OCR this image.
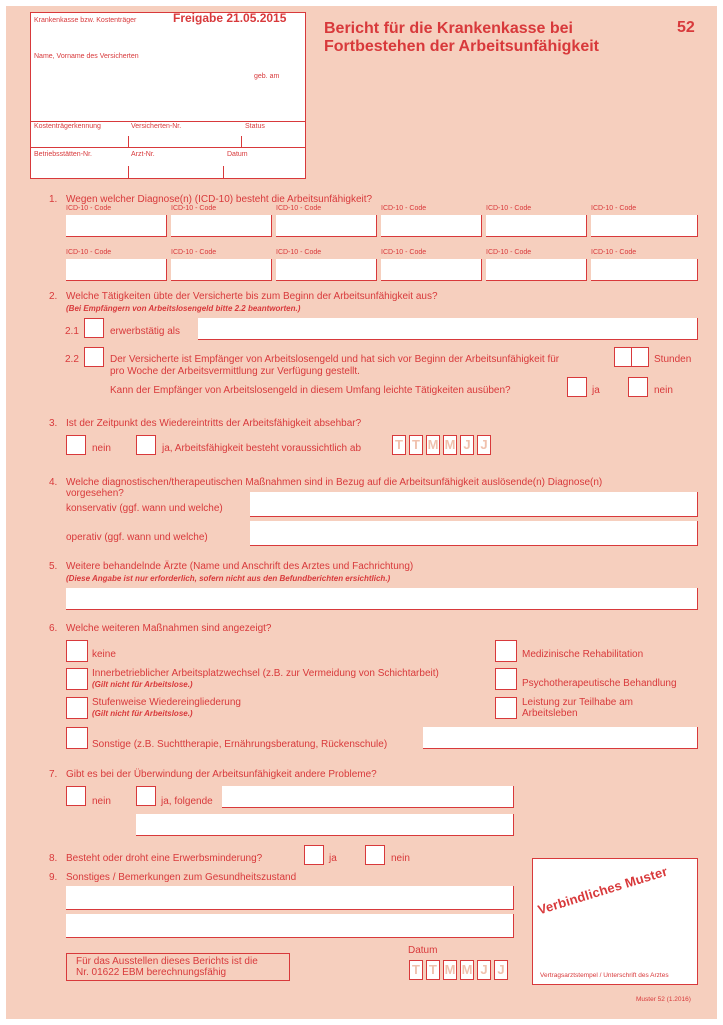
Krankenkasse bzw. Kostenträger	Freigabe 21.05.2015
Name, Vorname des Versicherten
geb. am
Kostenträgerkennung	Versicherten-Nr.	Status
Betriebsstätten-Nr.	Arzt-Nr.	Datum
Bericht für die Krankenkasse bei
Fortbestehen der Arbeitsunfähigkeit
52
1. Wegen welcher Diagnose(n) (ICD-10) besteht die Arbeitsunfähigkeit?
ICD-10 - Code	ICD-10 - Code	ICD-10 - Code	ICD-10 - Code	ICD-10 - Code	ICD-10 - Code
ICD-10 - Code	ICD-10 - Code	ICD-10 - Code	ICD-10 - Code	ICD-10 - Code	ICD-10 - Code
2. Welche Tätigkeiten übte der Versicherte bis zum Beginn der Arbeitsunfähigkeit aus?
(Bei Empfängern von Arbeitslosengeld bitte 2.2 beantworten.)
2.1	erwerbstätig als
2.2	Der Versicherte ist Empfänger von Arbeitslosengeld und hat sich vor Beginn der Arbeitsunfähigkeit für	Stunden
pro Woche der Arbeitsvermittlung zur Verfügung gestellt.
Kann der Empfänger von Arbeitslosengeld in diesem Umfang leichte Tätigkeiten ausüben?	ja	nein
3. Ist der Zeitpunkt des Wiedereintritts der Arbeitsfähigkeit absehbar?
nein	ja, Arbeitsfähigkeit besteht voraussichtlich ab	T T M M J J
4. Welche diagnostischen/therapeutischen Maßnahmen sind in Bezug auf die Arbeitsunfähigkeit auslösende(n) Diagnose(n)
vorgesehen?
konservativ (ggf. wann und welche)
operativ (ggf. wann und welche)
5. Weitere behandelnde Ärzte (Name und Anschrift des Arztes und Fachrichtung)
(Diese Angabe ist nur erforderlich, sofern nicht aus den Befundberichten ersichtlich.)
6. Welche weiteren Maßnahmen sind angezeigt?
keine
Innerbetrieblicher Arbeitsplatzwechsel (z.B. zur Vermeidung von Schichtarbeit)
(Gilt nicht für Arbeitslose.)
Stufenweise Wiedereingliederung
(Gilt nicht für Arbeitslose.)
Sonstige (z.B. Suchttherapie, Ernährungsberatung, Rückenschule)
Medizinische Rehabilitation
Psychotherapeutische Behandlung
Leistung zur Teilhabe am
Arbeitsleben
7. Gibt es bei der Überwindung der Arbeitsunfähigkeit andere Probleme?
nein	ja, folgende
8. Besteht oder droht eine Erwerbsminderung?	ja	nein
9. Sonstiges / Bemerkungen zum Gesundheitszustand
Für das Ausstellen dieses Berichts ist die
Nr. 01622 EBM berechnungsfähig
Datum
T T M M J J
Verbindliches Muster
Vertragsarztstempel / Unterschrift des Arztes
Muster 52 (1.2016)
